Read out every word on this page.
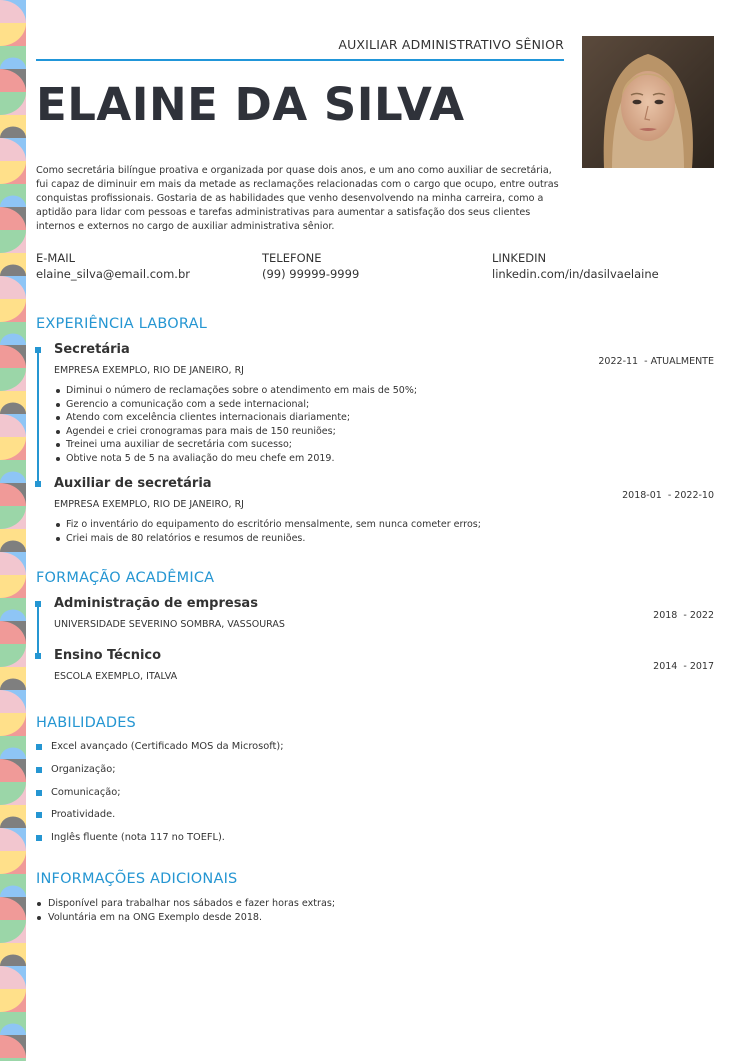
AUXILIAR ADMINISTRATIVO SÊNIOR
ELAINE DA SILVA
Como secretária bilíngue proativa e organizada por quase dois anos, e um ano como auxiliar de secretária, fui capaz de diminuir em mais da metade as reclamações relacionadas com o cargo que ocupo, entre outras conquistas profissionais. Gostaria de as habilidades que venho desenvolvendo na minha carreira, como a aptidão para lidar com pessoas e tarefas administrativas para aumentar a satisfação dos seus clientes internos e externos no cargo de auxiliar administrativa sênior.
E-MAIL
elaine_silva@email.com.br
TELEFONE
(99) 99999-9999
LINKEDIN
linkedin.com/in/dasilvaelaine
EXPERIÊNCIA LABORAL
Secretária
2022-11  - ATUALMENTE
EMPRESA EXEMPLO, RIO DE JANEIRO, RJ
Diminui o número de reclamações sobre o atendimento em mais de 50%;
Gerencio a comunicação com a sede internacional;
Atendo com excelência clientes internacionais diariamente;
Agendei e criei cronogramas para mais de 150 reuniões;
Treinei uma auxiliar de secretária com sucesso;
Obtive nota 5 de 5 na avaliação do meu chefe em 2019.
Auxiliar de secretária
2018-01  - 2022-10
EMPRESA EXEMPLO, RIO DE JANEIRO, RJ
Fiz o inventário do equipamento do escritório mensalmente, sem nunca cometer erros;
Criei mais de 80 relatórios e resumos de reuniões.
FORMAÇÃO ACADÊMICA
Administração de empresas
2018  - 2022
UNIVERSIDADE SEVERINO SOMBRA, VASSOURAS
Ensino Técnico
2014  - 2017
ESCOLA EXEMPLO, ITALVA
HABILIDADES
Excel avançado (Certificado MOS da Microsoft);
Organização;
Comunicação;
Proatividade.
Inglês fluente (nota 117 no TOEFL).
INFORMAÇÕES ADICIONAIS
Disponível para trabalhar nos sábados e fazer horas extras;
Voluntária em na ONG Exemplo desde 2018.
